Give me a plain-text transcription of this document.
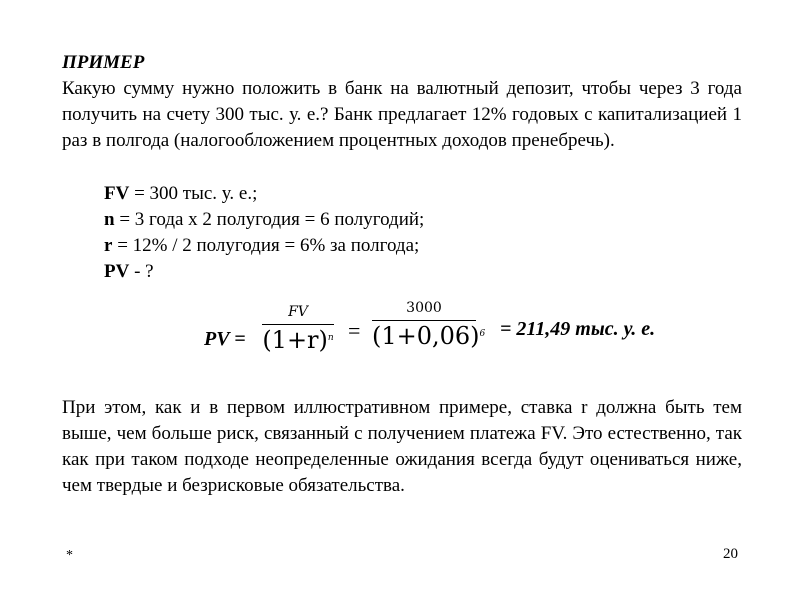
ПРИМЕР
Какую сумму нужно положить в банк на валютный депозит, чтобы через 3 года получить на счету 300 тыс. у. е.? Банк предлагает 12% годовых с капитализацией 1 раз в полгода (налогообложением процентных доходов пренебречь).
FV = 300 тыс. у. е.;
n = 3 года х 2 полугодия = 6 полугодий;
r = 12% / 2 полугодия = 6% за полгода;
PV - ?
PV =
FV
$(1+r)^n$ =
3000
$(1+0,06)^6 = 211,49$ тыс. у. е.
При этом, как и в первом иллюстративном примере, ставка r должна быть тем выше, чем больше риск, связанный с получением платежа FV. Это естественно, так как при таком подходе неопределенные ожидания всегда будут оцениваться ниже, чем твердые и безрисковые обязательства.
*	20
